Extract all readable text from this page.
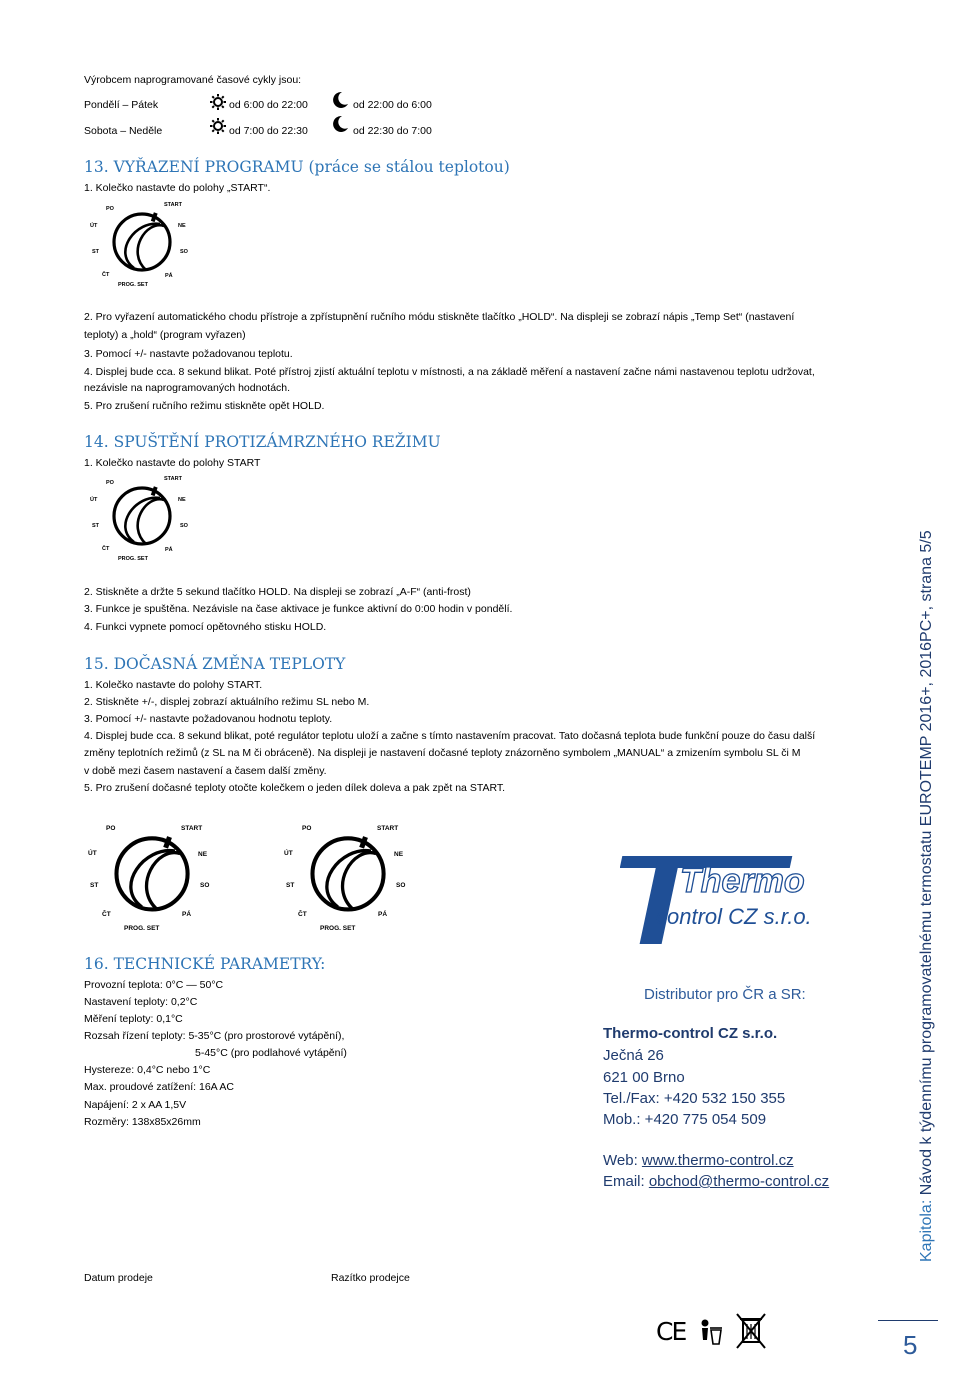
Výrobcem naprogramované časové cykly jsou:
Pondělí – Pátek	od 6:00 do 22:00	od 22:00 do 6:00
Sobota – Neděle	od 7:00 do 22:30	od 22:30 do 7:00
13. VYŘAZENÍ PROGRAMU (práce se stálou teplotou)
1. Kolečko nastavte do polohy „START“.
PO
START
ÚT	NE
ST	SO
ČT	PÁ
PROG. SET
2. Pro vyřazení automatického chodu přístroje a zpřístupnění ručního módu stiskněte tlačítko „HOLD“. Na displeji se zobrazí nápis „Temp Set“ (nastavení
teploty) a „hold“ (program vyřazen)
3. Pomocí +/- nastavte požadovanou teplotu.
4. Displej bude cca. 8 sekund blikat. Poté přístroj zjistí aktuální teplotu v místnosti, a na základě měření a nastavení začne námi nastavenou teplotu udržovat,
nezávisle na naprogramovaných hodnotách.
5. Pro zrušení ručního režimu stiskněte opět HOLD.
14. SPUŠTĚNÍ PROTIZÁMRZNÉHO REŽIMU
1. Kolečko nastavte do polohy START
PO
START
ÚT	NE
ST	SO
ČT	PÁ
PROG. SET
2. Stiskněte a držte 5 sekund tlačítko HOLD. Na displeji se zobrazí „A-F“ (anti-frost)
3. Funkce je spuštěna. Nezávisle na čase aktivace je funkce aktivní do 0:00 hodin v pondělí.
4. Funkci vypnete pomocí opětovného stisku HOLD.
15. DOČASNÁ ZMĚNA TEPLOTY
1. Kolečko nastavte do polohy START.
2. Stiskněte +/-, displej zobrazí aktuálního režimu SL nebo M.
3. Pomocí +/- nastavte požadovanou hodnotu teploty.
4. Displej bude cca. 8 sekund blikat, poté regulátor teplotu uloží a začne s tímto nastavením pracovat. Tato dočasná teplota bude funkční pouze do času další
změny teplotních režimů (z SL na M či obráceně). Na displeji je nastavení dočasné teploty znázorněno symbolem „MANUAL“ a zmizením symbolu SL či M
v době mezi časem nastavení a časem další změny.
5. Pro zrušení dočasné teploty otočte kolečkem o jeden dílek doleva a pak zpět na START.
PO	START
ÚT	NE
ST	SO
ČT	PÁ
PROG. SET
PO	START
ÚT	NE
ST	SO
ČT	PÁ
PROG. SET
16. TECHNICKÉ PARAMETRY:
Provozní teplota: 0°C — 50°C
Nastavení teploty: 0,2°C
Měření teploty: 0,1°C
Rozsah řízení teploty: 5-35°C (pro prostorové vytápění),
5-45°C (pro podlahové vytápění)
Hystereze: 0,4°C nebo 1°C
Max. proudové zatížení: 16A AC
Napájení: 2 x AA 1,5V
Rozměry: 138x85x26mm
Thermo
control CZ s.r.o.
Distributor pro ČR a SR:
Thermo-control CZ s.r.o.
Ječná 26
621 00 Brno
Tel./Fax: +420 532 150 355
Mob.: +420 775 054 509
Web: www.thermo-control.cz
Email: obchod@thermo-control.cz
Datum prodeje	Razítko prodejce
CE	5
Kapitola: Návod k týdennímu programovatelnému termostatu EUROTEMP 2016+, 2016PC+, strana 5/5
